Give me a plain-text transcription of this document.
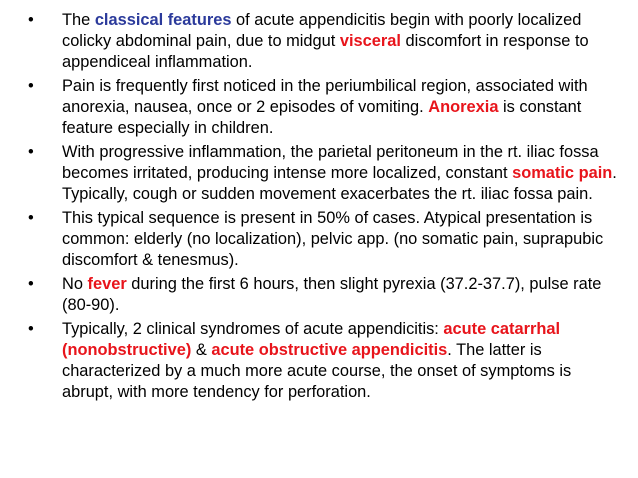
• The classical features of acute appendicitis begin with poorly localized colicky abdominal pain, due to midgut visceral discomfort in response to appendiceal inflammation.
• Pain is frequently first noticed in the periumbilical region, associated with anorexia, nausea, once or 2 episodes of vomiting. Anorexia is constant feature especially in children.
• With progressive inflammation, the parietal peritoneum in the rt. iliac fossa becomes irritated, producing intense more localized, constant somatic pain. Typically, cough or sudden movement exacerbates the rt. iliac fossa pain.
• This typical sequence is present in 50% of cases. Atypical presentation is common: elderly (no localization), pelvic app. (no somatic pain, suprapubic discomfort & tenesmus).
• No fever during the first 6 hours, then slight pyrexia (37.2-37.7), pulse rate (80-90).
• Typically, 2 clinical syndromes of acute appendicitis: acute catarrhal (nonobstructive) & acute obstructive appendicitis. The latter is characterized by a much more acute course, the onset of symptoms is abrupt, with more tendency for perforation.
